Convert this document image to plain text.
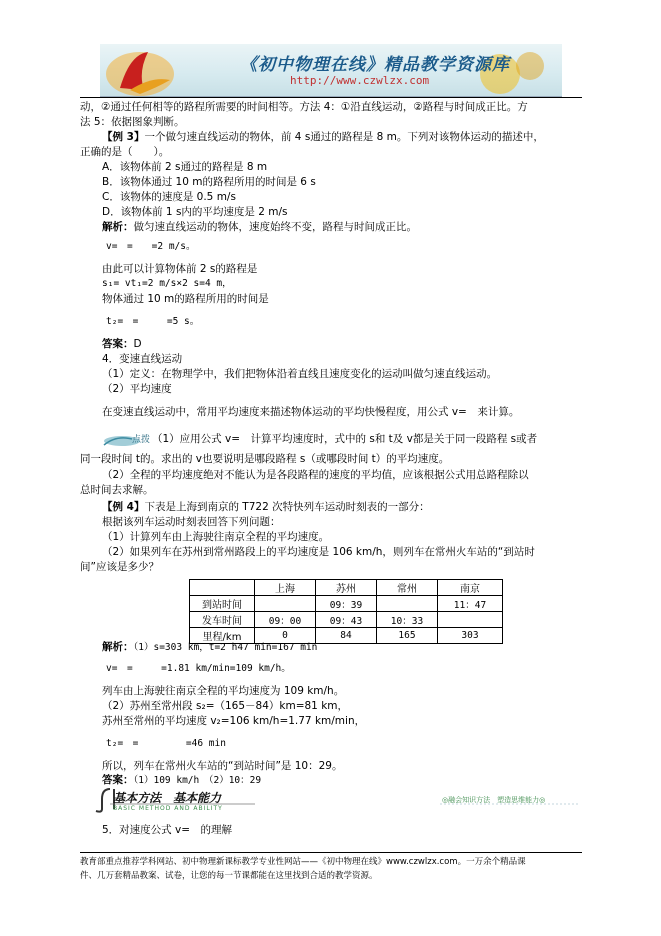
《初中物理在线》精品教学资源库
http://www.czwlzx.com
动，②通过任何相等的路程所需要的时间相等。方法 4：①沿直线运动，②路程与时间成正比。方
法 5：依据图象判断。
【例 3】一个做匀速直线运动的物体，前 4 s通过的路程是 8 m。下列对该物体运动的描述中，
正确的是（　　）。
A．该物体前 2 s通过的路程是 8 m
B．该物体通过 10 m的路程所用的时间是 6 s
C．该物体的速度是 0.5 m/s
D．该物体前 1 s内的平均速度是 2 m/s
解析：做匀速直线运动的物体，速度始终不变，路程与时间成正比。
v=　=　　=2 m/s。
由此可以计算物体前 2 s的路程是
s₁= vt₁=2 m/s×2 s=4 m，
物体通过 10 m的路程所用的时间是
t₂=　=　　　=5 s。
答案：D
4．变速直线运动
（1）定义：在物理学中，我们把物体沿着直线且速度变化的运动叫做匀速直线运动。
（2）平均速度
在变速直线运动中，常用平均速度来描述物体运动的平均快慢程度，用公式 v=　来计算。
点拨 （1）应用公式 v=　计算平均速度时，式中的 s和 t及 v都是关于同一段路程 s或者
同一段时间 t的。求出的 v也要说明是哪段路程 s（或哪段时间 t）的平均速度。
（2）全程的平均速度绝对不能认为是各段路程的速度的平均值，应该根据公式用总路程除以
总时间去求解。
【例 4】下表是上海到南京的 T722 次特快列车运动时刻表的一部分：
根据该列车运动时刻表回答下列问题：
（1）计算列车由上海驶往南京全程的平均速度。
（2）如果列车在苏州到常州路段上的平均速度是 106 km/h，则列车在常州火车站的“到站时
间”应该是多少？
	上海	苏州	常州	南京
到站时间		09：39		11：47
发车时间	09：00	09：43	10：33	
里程/km	0	84	165	303
解析：（1）s=303 km，t=2 h47 min=167 min
v=　=　　　=1.81 km/min=109 km/h。
列车由上海驶往南京全程的平均速度为 109 km/h。
（2）苏州至常州段 s₂=（165－84）km=81 km，
苏州至常州的平均速度 v₂=106 km/h=1.77 km/min，
t₂=　=　　　　　=46 min
所以，列车在常州火车站的“到站时间”是 10：29。
答案：（1）109 km/h　（2）10：29
基本方法　基本能力
BASIC METHOD AND ABILITY
◎融会知识方法　塑造思维能力◎
5．对速度公式 v=　的理解
教育部重点推荐学科网站、初中物理新课标教学专业性网站——《初中物理在线》www.czwlzx.com。一万余个精品课
件、几万套精品教案、试卷，让您的每一节课都能在这里找到合适的教学资源。
